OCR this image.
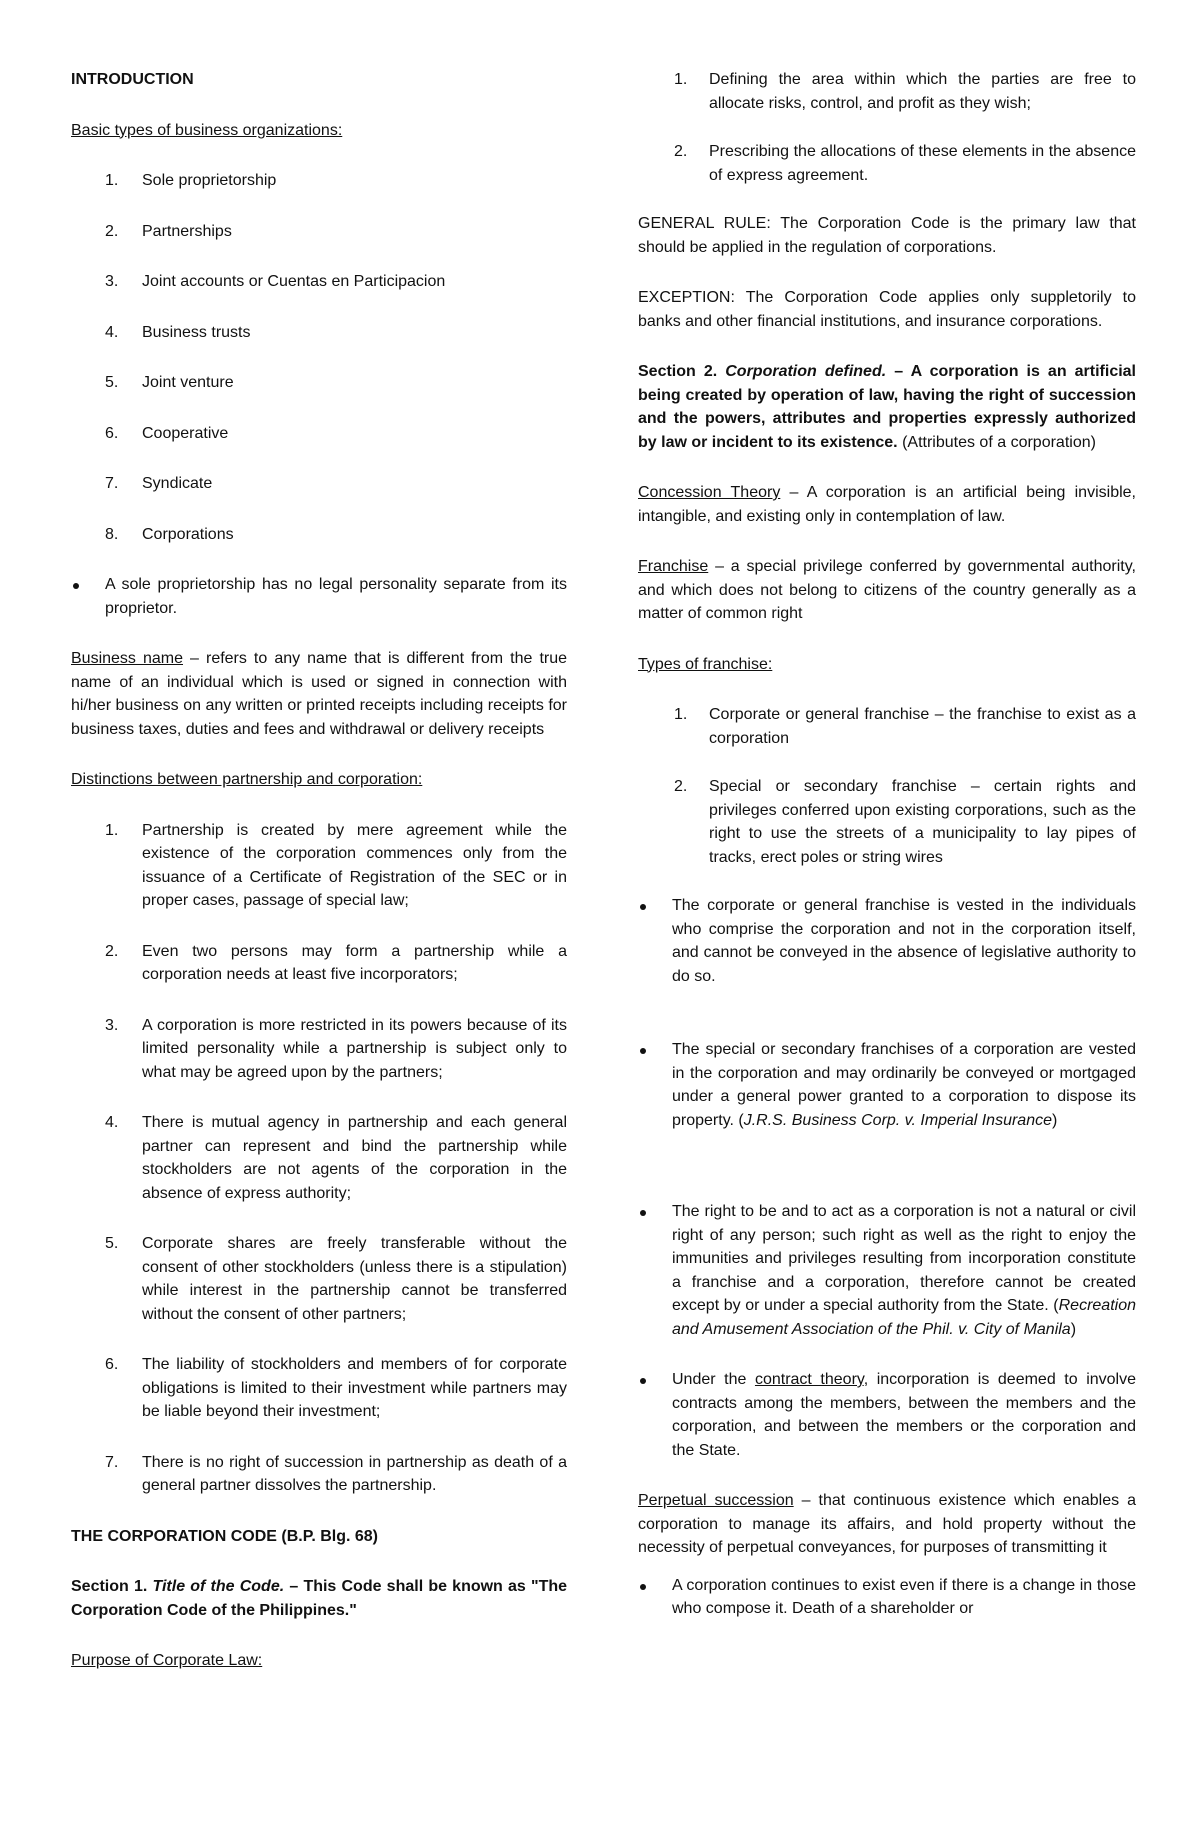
INTRODUCTION

Basic types of business organizations:

1. Sole proprietorship
2. Partnerships
3. Joint accounts or Cuentas en Participacion
4. Business trusts
5. Joint venture
6. Cooperative
7. Syndicate
8. Corporations
A sole proprietorship has no legal personality separate from its proprietor.

Business name – refers to any name that is different from the true name of an individual which is used or signed in connection with hi/her business on any written or printed receipts including receipts for business taxes, duties and fees and withdrawal or delivery receipts

Distinctions between partnership and corporation:

1. Partnership is created by mere agreement while the existence of the corporation commences only from the issuance of a Certificate of Registration of the SEC or in proper cases, passage of special law;
2. Even two persons may form a partnership while a corporation needs at least five incorporators;
3. A corporation is more restricted in its powers because of its limited personality while a partnership is subject only to what may be agreed upon by the partners;
4. There is mutual agency in partnership and each general partner can represent and bind the partnership while stockholders are not agents of the corporation in the absence of express authority;
5. Corporate shares are freely transferable without the consent of other stockholders (unless there is a stipulation) while interest in the partnership cannot be transferred without the consent of other partners;
6. The liability of stockholders and members of for corporate obligations is limited to their investment while partners may be liable beyond their investment;
7. There is no right of succession in partnership as death of a general partner dissolves the partnership.

THE CORPORATION CODE (B.P. Blg. 68)

Section 1. Title of the Code. – This Code shall be known as "The Corporation Code of the Philippines."

Purpose of Corporate Law:

1. Defining the area within which the parties are free to allocate risks, control, and profit as they wish;
2. Prescribing the allocations of these elements in the absence of express agreement.

GENERAL RULE: The Corporation Code is the primary law that should be applied in the regulation of corporations.

EXCEPTION: The Corporation Code applies only suppletorily to banks and other financial institutions, and insurance corporations.

Section 2. Corporation defined. – A corporation is an artificial being created by operation of law, having the right of succession and the powers, attributes and properties expressly authorized by law or incident to its existence. (Attributes of a corporation)

Concession Theory – A corporation is an artificial being invisible, intangible, and existing only in contemplation of law.

Franchise – a special privilege conferred by governmental authority, and which does not belong to citizens of the country generally as a matter of common right

Types of franchise:

1. Corporate or general franchise – the franchise to exist as a corporation
2. Special or secondary franchise – certain rights and privileges conferred upon existing corporations, such as the right to use the streets of a municipality to lay pipes of tracks, erect poles or string wires
The corporate or general franchise is vested in the individuals who comprise the corporation and not in the corporation itself, and cannot be conveyed in the absence of legislative authority to do so.
The special or secondary franchises of a corporation are vested in the corporation and may ordinarily be conveyed or mortgaged under a general power granted to a corporation to dispose its property. (J.R.S. Business Corp. v. Imperial Insurance)
The right to be and to act as a corporation is not a natural or civil right of any person; such right as well as the right to enjoy the immunities and privileges resulting from incorporation constitute a franchise and a corporation, therefore cannot be created except by or under a special authority from the State. (Recreation and Amusement Association of the Phil. v. City of Manila)
Under the contract theory, incorporation is deemed to involve contracts among the members, between the members and the corporation, and between the members or the corporation and the State.

Perpetual succession – that continuous existence which enables a corporation to manage its affairs, and hold property without the necessity of perpetual conveyances, for purposes of transmitting it

A corporation continues to exist even if there is a change in those who compose it. Death of a shareholder or
